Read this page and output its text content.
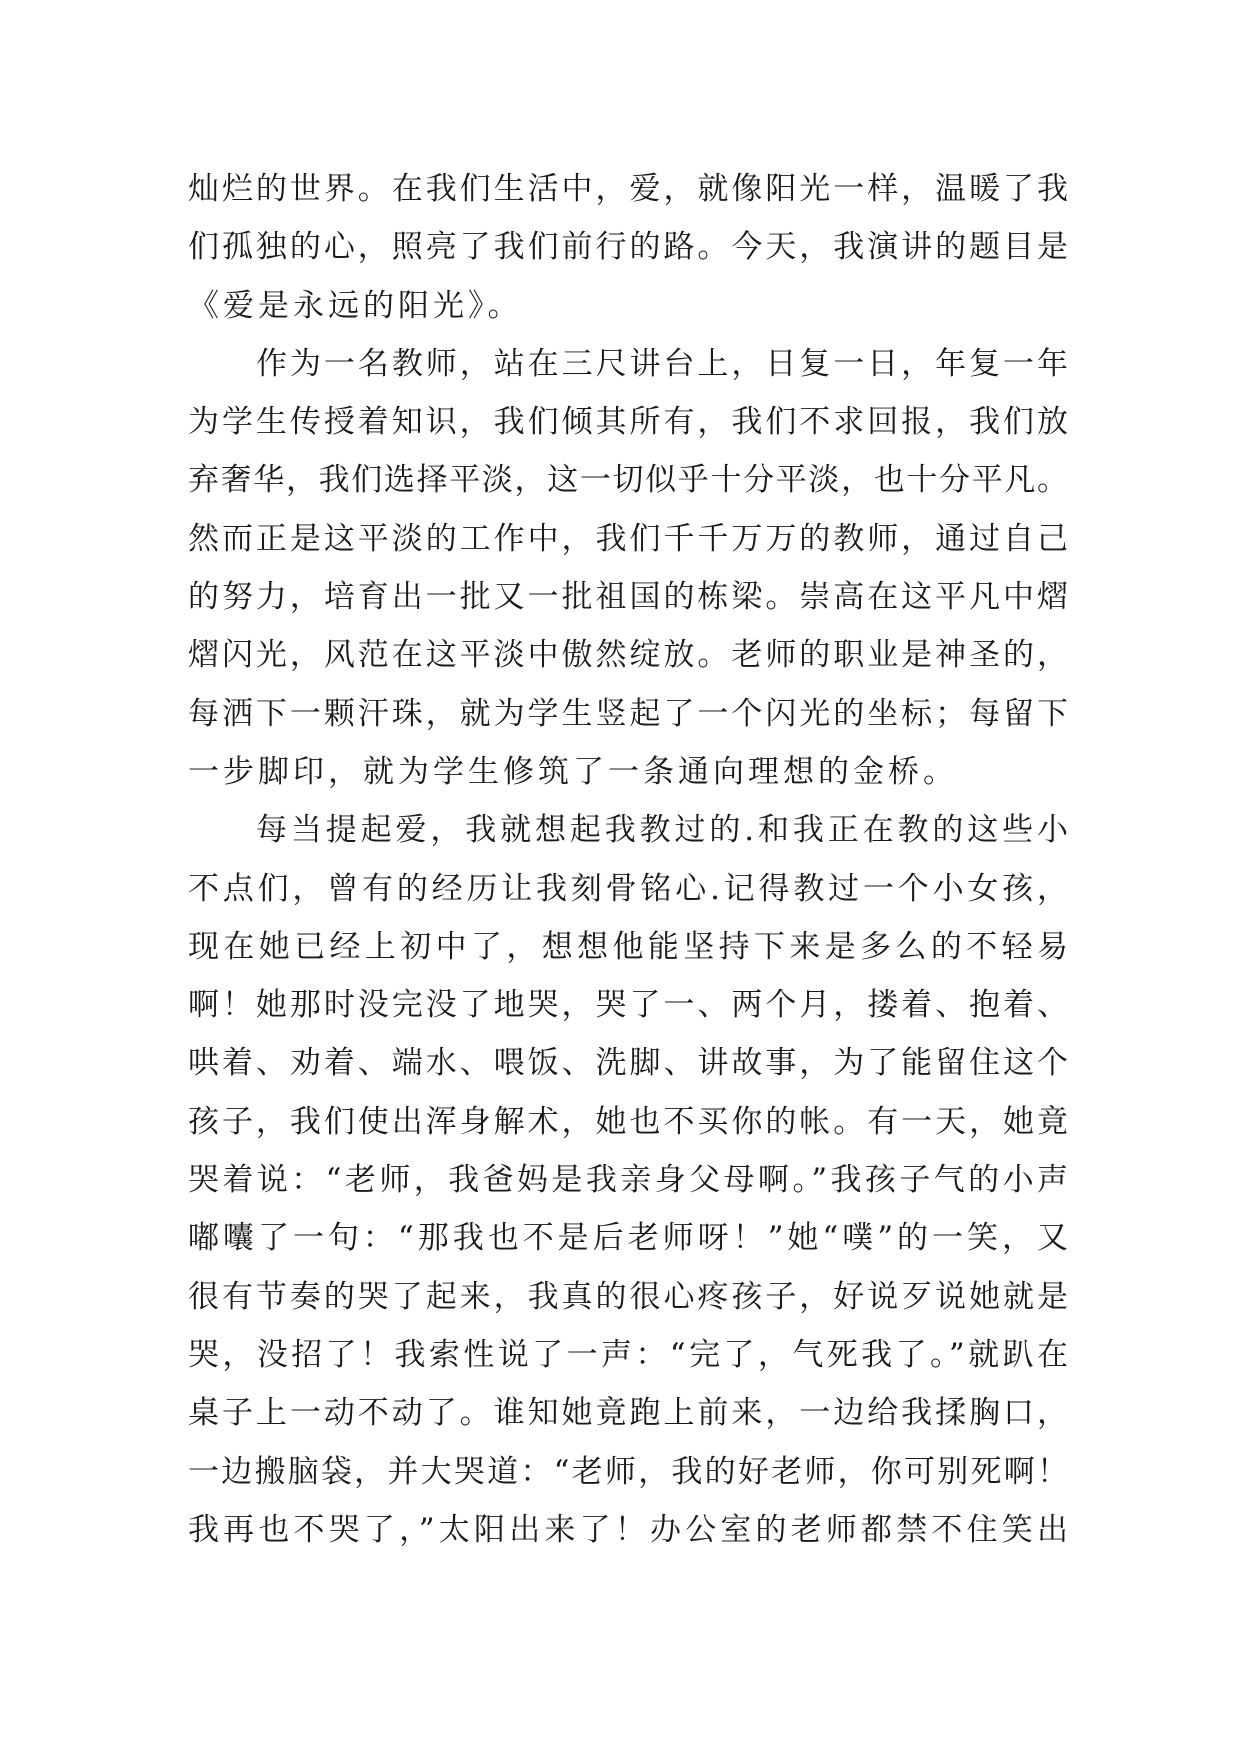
灿烂的世界。在我们生活中，爱，就像阳光一样，温暖了我
们孤独的心，照亮了我们前行的路。今天，我演讲的题目是
《爱是永远的阳光》。
作为一名教师，站在三尺讲台上，日复一日，年复一年
为学生传授着知识，我们倾其所有，我们不求回报，我们放
弃奢华，我们选择平淡，这一切似乎十分平淡，也十分平凡。
然而正是这平淡的工作中，我们千千万万的教师，通过自己
的努力，培育出一批又一批祖国的栋梁。崇高在这平凡中熠
熠闪光，风范在这平淡中傲然绽放。老师的职业是神圣的，
每洒下一颗汗珠，就为学生竖起了一个闪光的坐标；每留下
一步脚印，就为学生修筑了一条通向理想的金桥。
每当提起爱，我就想起我教过的.和我正在教的这些小
不点们，曾有的经历让我刻骨铭心.记得教过一个小女孩，
现在她已经上初中了，想想他能坚持下来是多么的不轻易
啊！她那时没完没了地哭，哭了一、两个月，搂着、抱着、
哄着、劝着、端水、喂饭、洗脚、讲故事，为了能留住这个
孩子，我们使出浑身解术，她也不买你的帐。有一天，她竟
哭着说：“老师，我爸妈是我亲身父母啊。”我孩子气的小声
嘟囔了一句：“那我也不是后老师呀！”她“噗”的一笑，又
很有节奏的哭了起来，我真的很心疼孩子，好说歹说她就是
哭，没招了！我索性说了一声：“完了，气死我了。”就趴在
桌子上一动不动了。谁知她竟跑上前来，一边给我揉胸口，
一边搬脑袋，并大哭道：“老师，我的好老师，你可别死啊！
我再也不哭了，”太阳出来了！办公室的老师都禁不住笑出
